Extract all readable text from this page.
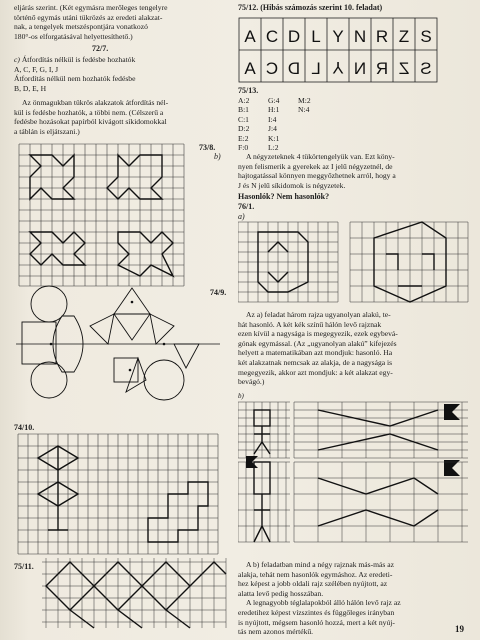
eljárás szerint. (Két egymásra merőleges tengelyre

történő egymás utáni tükrözés az eredeti alakzat-

nak, a tengelyek metszéspontjára vonatkozó

180°-os elforgatásával helyettesíthető.)

72/7.

c) Átfordítás nélkül is fedésbe hozhatók

A, C, F, G, I, J

Átfordítás nélkül nem hozhatók fedésbe

B, D, E, H

Az önmagukban tükrös alakzatok átfordítás nél-

kül is fedésbe hozhatók, a többi nem. (Célszerű a

fedésbe hozásokat papírból kivágott síkidomokkal

a táblán is eljátszani.)

73/8.
b)
74/9.
74/10.
75/11.
75/12. (Hibás számozás szerint 10. feladat)
A C D L Y N R Z S
A C D L Y N R Z S
75/13.
A:2	G:4	M:2
B:1	H:1	N:4
C:1	I:4
D:2	J:4
E:2	K:1
F:0	L:2

A négyzeteknek 4 tükörtengelyük van. Ezt köny-

nyen felismerik a gyerekek az I jelű négyzetnél, de

hajtogatással könnyen meggyőzhetnek arról, hogy a

J és N jelű síkidomok is négyzetek.

Hasonlók? Nem hasonlók?
76/1.
a)

Az a) feladat három rajza ugyanolyan alakú, te-

hát hasonló. A két kék színű hálón levő rajznak

ezen kívül a nagysága is megegyezik, ezek egybevá-

gónak egymással. (Az „ugyanolyan alakú” kifejezés

helyett a matematikában azt mondjuk: hasonló. Ha

két alakzatnak nemcsak az alakja, de a nagysága is

megegyezik, akkor azt mondjuk: a két alakzat egy-

bevágó.)

b)

A b) feladatban mind a négy rajznak más-más az

alakja, tehát nem hasonlók egymáshoz. Az eredeti-

hez képest a jobb oldali rajz szélében nyújtott, az

alatta levő pedig hosszában.

A legnagyobb téglalapokból álló hálón levő rajz az

eredetihez képest vízszintes és függőleges irányban

is nyújtott, mégsem hasonló hozzá, mert a két nyúj-

tás nem azonos mértékű.	19
